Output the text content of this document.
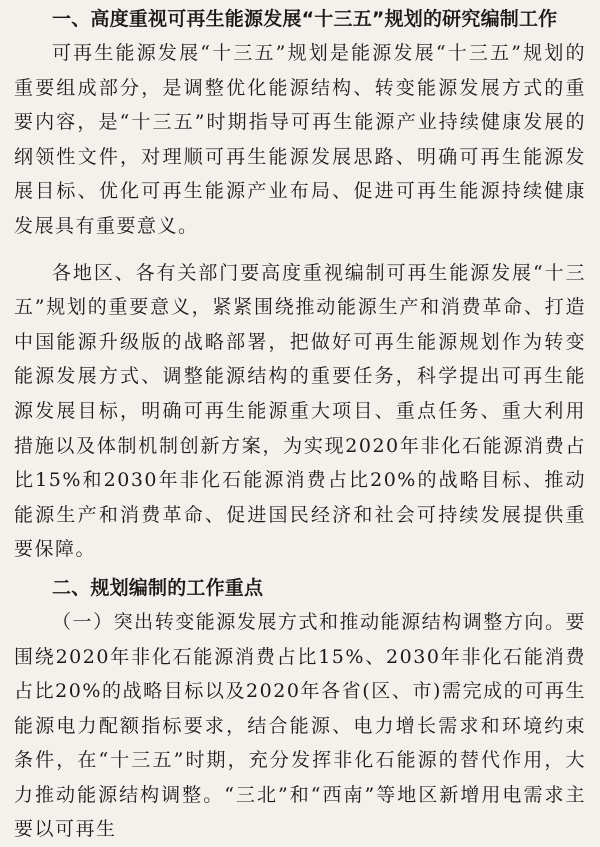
一、高度重视可再生能源发展“十三五”规划的研究编制工作

可再生能源发展“十三五”规划是能源发展“十三五”规划的重要组成部分，是调整优化能源结构、转变能源发展方式的重要内容，是“十三五”时期指导可再生能源产业持续健康发展的纲领性文件，对理顺可再生能源发展思路、明确可再生能源发展目标、优化可再生能源产业布局、促进可再生能源持续健康发展具有重要意义。

各地区、各有关部门要高度重视编制可再生能源发展“十三五”规划的重要意义，紧紧围绕推动能源生产和消费革命、打造中国能源升级版的战略部署，把做好可再生能源规划作为转变能源发展方式、调整能源结构的重要任务，科学提出可再生能源发展目标，明确可再生能源重大项目、重点任务、重大利用措施以及体制机制创新方案，为实现2020年非化石能源消费占比15%和2030年非化石能源消费占比20%的战略目标、推动能源生产和消费革命、促进国民经济和社会可持续发展提供重要保障。

二、规划编制的工作重点

（一）突出转变能源发展方式和推动能源结构调整方向。要围绕2020年非化石能源消费占比15%、2030年非化石能消费占比20%的战略目标以及2020年各省(区、市)需完成的可再生能源电力配额指标要求，结合能源、电力增长需求和环境约束条件，在“十三五”时期，充分发挥非化石能源的替代作用，大力推动能源结构调整。“三北”和“西南”等地区新增用电需求主要以可再生
